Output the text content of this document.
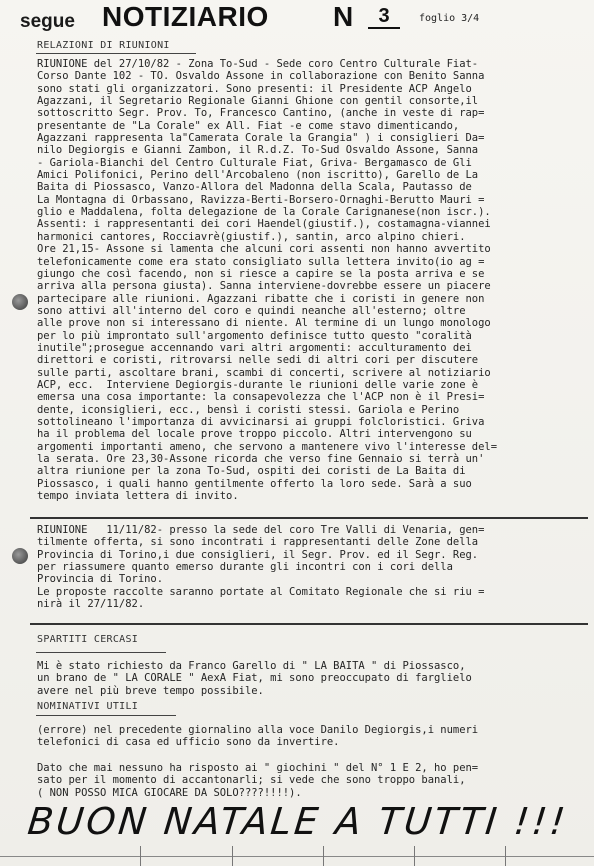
segue NOTIZIARIO N	3	foglio 3/4
RELAZIONI DI RIUNIONI
RIUNIONE del 27/10/82 - Zona To-Sud - Sede coro Centro Culturale Fiat-
Corso Dante 102 - TO. Osvaldo Assone in collaborazione con Benito Sanna
sono stati gli organizzatori. Sono presenti: il Presidente ACP Angelo
Agazzani, il Segretario Regionale Gianni Ghione con gentil consorte,il
sottoscritto Segr. Prov. To, Francesco Cantino, (anche in veste di rap=
presentante de "La Corale" ex All. Fiat -e come stavo dimenticando,
Agazzani rappresenta la"Camerata Corale la Grangia" ) i consiglieri Da=
nilo Degiorgis e Gianni Zambon, il R.d.Z. To-Sud Osvaldo Assone, Sanna
- Gariola-Bianchi del Centro Culturale Fiat, Griva- Bergamasco de Gli
Amici Polifonici, Perino dell'Arcobaleno (non iscritto), Garello de La
Baita di Piossasco, Vanzo-Allora del Madonna della Scala, Pautasso de
La Montagna di Orbassano, Ravizza-Berti-Borsero-Ornaghi-Berutto Mauri =
glio e Maddalena, folta delegazione de la Corale Carignanese(non iscr.).
Assenti: i rappresentanti dei cori Haendel(giustif.), costamagna-viannei
harmonici cantores, Rocciavrè(giustif.), santin, arco alpino chieri.
Ore 21,15- Assone si lamenta che alcuni cori assenti non hanno avvertito
telefonicamente come era stato consigliato sulla lettera invito(io ag =
giungo che così facendo, non si riesce a capire se la posta arriva e se
arriva alla persona giusta). Sanna interviene-dovrebbe essere un piacere
partecipare alle riunioni. Agazzani ribatte che i coristi in genere non
sono attivi all'interno del coro e quindi neanche all'esterno; oltre
alle prove non si interessano di niente. Al termine di un lungo monologo
per lo più improntato sull'argomento definisce tutto questo "coralità
inutile";prosegue accennando vari altri argomenti: acculturamento dei
direttori e coristi, ritrovarsi nelle sedi di altri cori per discutere
sulle parti, ascoltare brani, scambi di concerti, scrivere al notiziario
ACP, ecc.  Interviene Degiorgis-durante le riunioni delle varie zone è
emersa una cosa importante: la consapevolezza che l'ACP non è il Presi=
dente, iconsiglieri, ecc., bensì i coristi stessi. Gariola e Perino
sottolineano l'importanza di avvicinarsi ai gruppi folcloristici. Griva
ha il problema del locale prove troppo piccolo. Altri intervengono su
argomenti importanti ameno, che servono a mantenere vivo l'interesse del=
la serata. Ore 23,30-Assone ricorda che verso fine Gennaio si terrà un'
altra riunione per la zona To-Sud, ospiti dei coristi de La Baita di
Piossasco, i quali hanno gentilmente offerto la loro sede. Sarà a suo
tempo inviata lettera di invito.
RIUNIONE   11/11/82- presso la sede del coro Tre Valli di Venaria, gen=
tilmente offerta, si sono incontrati i rappresentanti delle Zone della
Provincia di Torino,i due consiglieri, il Segr. Prov. ed il Segr. Reg.
per riassumere quanto emerso durante gli incontri con i cori della
Provincia di Torino.
Le proposte raccolte saranno portate al Comitato Regionale che si riu =
nirà il 27/11/82.
SPARTITI CERCASI
Mi è stato richiesto da Franco Garello di " LA BAITA " di Piossasco,
un brano de " LA CORALE " AexA Fiat, mi sono preoccupato di farglielo
avere nel più breve tempo possibile.
NOMINATIVI UTILI
(errore) nel precedente giornalino alla voce Danilo Degiorgis,i numeri
telefonici di casa ed ufficio sono da invertire.
Dato che mai nessuno ha risposto ai " giochini " del N° 1 E 2, ho pen=
sato per il momento di accantonarli; si vede che sono troppo banali,
( NON POSSO MICA GIOCARE DA SOLO????!!!!).
BUON NATALE A TUTTI !!!
